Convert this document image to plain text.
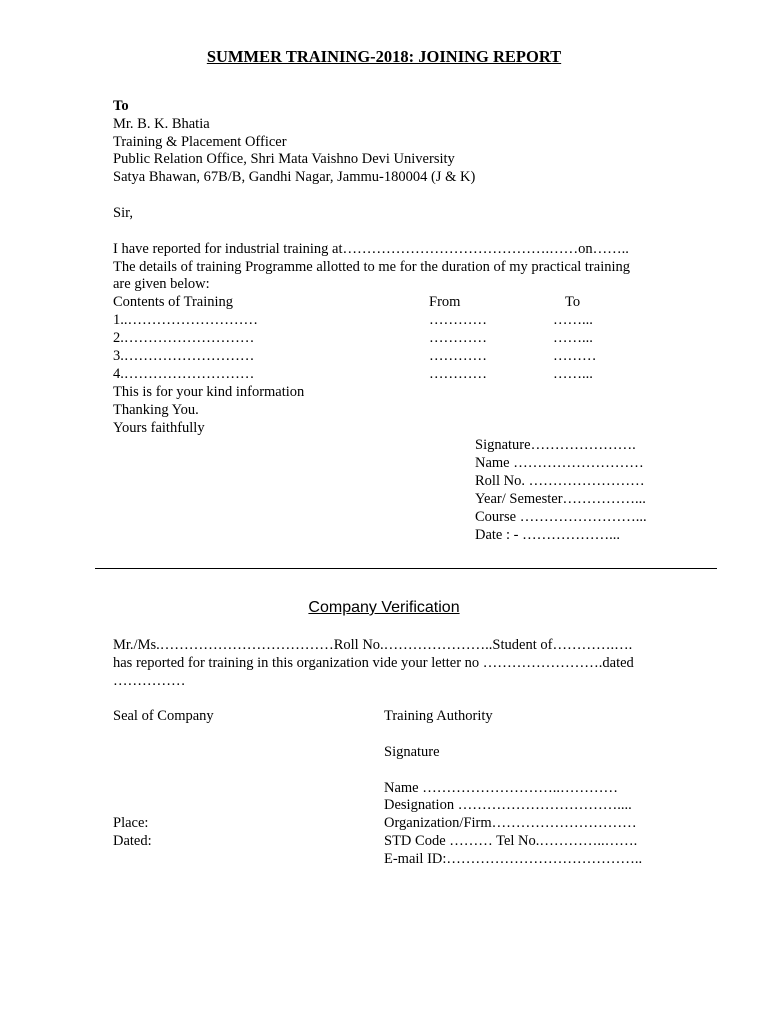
SUMMER TRAINING-2018: JOINING REPORT
To
Mr. B. K. Bhatia
Training & Placement Officer
Public Relation Office, Shri Mata Vaishno Devi University
Satya Bhawan, 67B/B, Gandhi Nagar, Jammu-180004 (J & K)
Sir,
I have reported for industrial training at…………………………………….……on……..
The details of training Programme allotted to me for the duration of my practical training
are given below:
Contents of Training	From	To
1..………………………	…………	……...
2.………………………	…………	……...
3.………………………	…………	………
4.………………………	…………	……...
This is for your kind information
Thanking You.
Yours faithfully
Signature………………….
Name ………………………
Roll No. ……………………
Year/ Semester……………...
Course ……………………...
Date : - ………………...
Company Verification
Mr./Ms.………………………………Roll No.…………………..Student of………….….
has reported for training in this organization vide your letter no …………………….dated
……………
Seal of Company	Training Authority
Signature
Name ………………………..…………
Designation ……………………………....
Organization/Firm…………………………
STD Code ……… Tel No.…………..…….
E-mail ID:…………………………………..
Place:
Dated:
